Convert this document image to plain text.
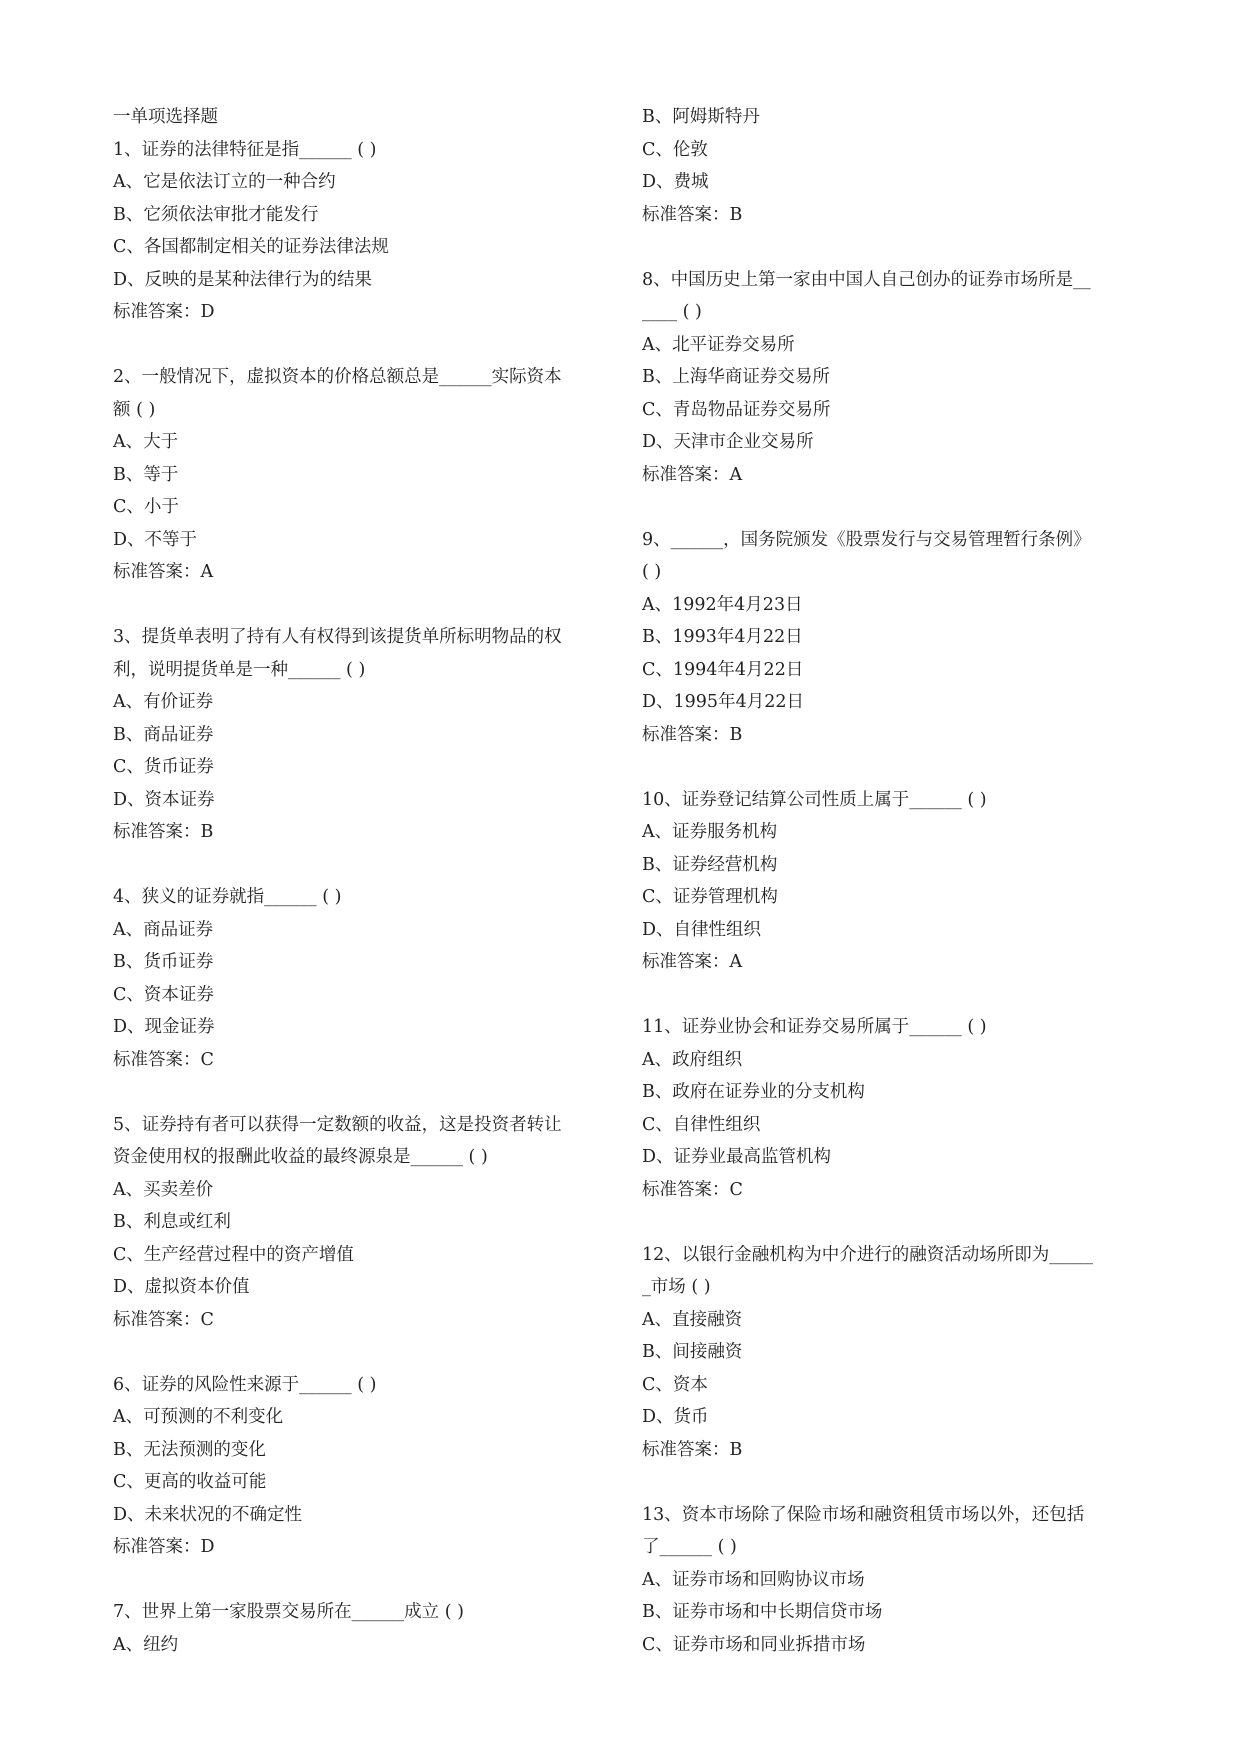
一单项选择题
1、证券的法律特征是指______ ( )
A、它是依法订立的一种合约
B、它须依法审批才能发行
C、各国都制定相关的证券法律法规
D、反映的是某种法律行为的结果
标准答案：D
2、一般情况下，虚拟资本的价格总额总是______实际资本
额 ( )
A、大于
B、等于
C、小于
D、不等于
标准答案：A
3、提货单表明了持有人有权得到该提货单所标明物品的权
利，说明提货单是一种______ ( )
A、有价证券
B、商品证券
C、货币证券
D、资本证券
标准答案：B
4、狭义的证券就指______ ( )
A、商品证券
B、货币证券
C、资本证券
D、现金证券
标准答案：C
5、证券持有者可以获得一定数额的收益，这是投资者转让
资金使用权的报酬此收益的最终源泉是______ ( )
A、买卖差价
B、利息或红利
C、生产经营过程中的资产增值
D、虚拟资本价值
标准答案：C
6、证券的风险性来源于______ ( )
A、可预测的不利变化
B、无法预测的变化
C、更高的收益可能
D、未来状况的不确定性
标准答案：D
7、世界上第一家股票交易所在______成立 ( )
A、纽约
B、阿姆斯特丹
C、伦敦
D、费城
标准答案：B
8、中国历史上第一家由中国人自己创办的证券市场所是__
____ ( )
A、北平证券交易所
B、上海华商证券交易所
C、青岛物品证券交易所
D、天津市企业交易所
标准答案：A
9、______，国务院颁发《股票发行与交易管理暂行条例》
( )
A、1992年4月23日
B、1993年4月22日
C、1994年4月22日
D、1995年4月22日
标准答案：B
10、证券登记结算公司性质上属于______ ( )
A、证券服务机构
B、证券经营机构
C、证券管理机构
D、自律性组织
标准答案：A
11、证券业协会和证券交易所属于______ ( )
A、政府组织
B、政府在证券业的分支机构
C、自律性组织
D、证券业最高监管机构
标准答案：C
12、以银行金融机构为中介进行的融资活动场所即为_____
_市场 ( )
A、直接融资
B、间接融资
C、资本
D、货币
标准答案：B
13、资本市场除了保险市场和融资租赁市场以外，还包括
了______ ( )
A、证券市场和回购协议市场
B、证券市场和中长期信贷市场
C、证券市场和同业拆措市场
